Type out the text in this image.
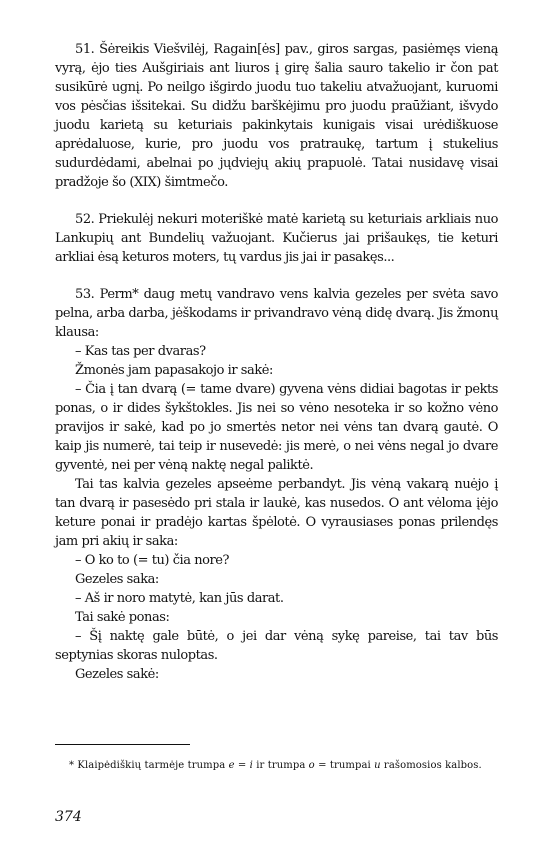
51. Šėreikis Viešvilėj, Ragain[ės] pav., giros sargas, pasiėmęs vieną vyrą, ėjo ties Aušgiriais ant liuros į girę šalia sauro takelio ir čon pat susikūrė ugnį. Po neilgo išgirdo juodu tuo takeliu atvažuojant, kuruomi vos pėsčias išsitekai. Su didžu barškėjimu pro juodu praūžiant, išvydo juodu karietą su keturiais pakinkytais kunigais visai urėdiškuose aprėdaluose, kurie, pro juodu vos pratraukę, tartum į stukelius sudurdėdami, abelnai po jųdviejų akių prapuolė. Tatai nusidavę visai pradžoje šo (XIX) šimtmečo.

52. Priekulėj nekuri moteriškė matė karietą su keturiais arkliais nuo Lankupių ant Bundelių važuojant. Kučierus jai prišaukęs, tie keturi arkliai ėsą keturos moters, tų vardus jis jai ir pasakęs...

53. Perm* daug metų vandravo vens kalvia gezeles per svėta savo pelna, arba darba, jėškodams ir privandravo vėną didę dvarą. Jis žmonų klausa:

– Kas tas per dvaras?

Žmonės jam papasakojo ir sakė:

– Čia į tan dvarą (= tame dvare) gyvena vėns didiai bagotas ir pekts ponas, o ir dides šykštokles. Jis nei so vėno nesoteka ir so kožno vėno pravijos ir sakė, kad po jo smertės netor nei vėns tan dvarą gautė. O kaip jis numerė, tai teip ir nusevedė: jis merė, o nei vėns negal jo dvare gyventė, nei per vėną naktę negal paliktė.

Tai tas kalvia gezeles apseėme perbandyt. Jis vėną vakarą nuėjo į tan dvarą ir pasesėdo pri stala ir laukė, kas nusedos. O ant vėloma įėjo keture ponai ir pradėjo kartas špėlotė. O vyrausiases ponas prilendęs jam pri akių ir saka:

– O ko to (= tu) čia nore?

Gezeles saka:

– Aš ir noro matytė, kan jūs darat.

Tai sakė ponas:

– Šį naktę gale būtė, o jei dar vėną sykę pareise, tai tav būs septynias skoras nuloptas.

Gezeles sakė:

* Klaipėdiškių tarmėje trumpa e = i ir trumpa o = trumpai u rašomosios kalbos.
374
